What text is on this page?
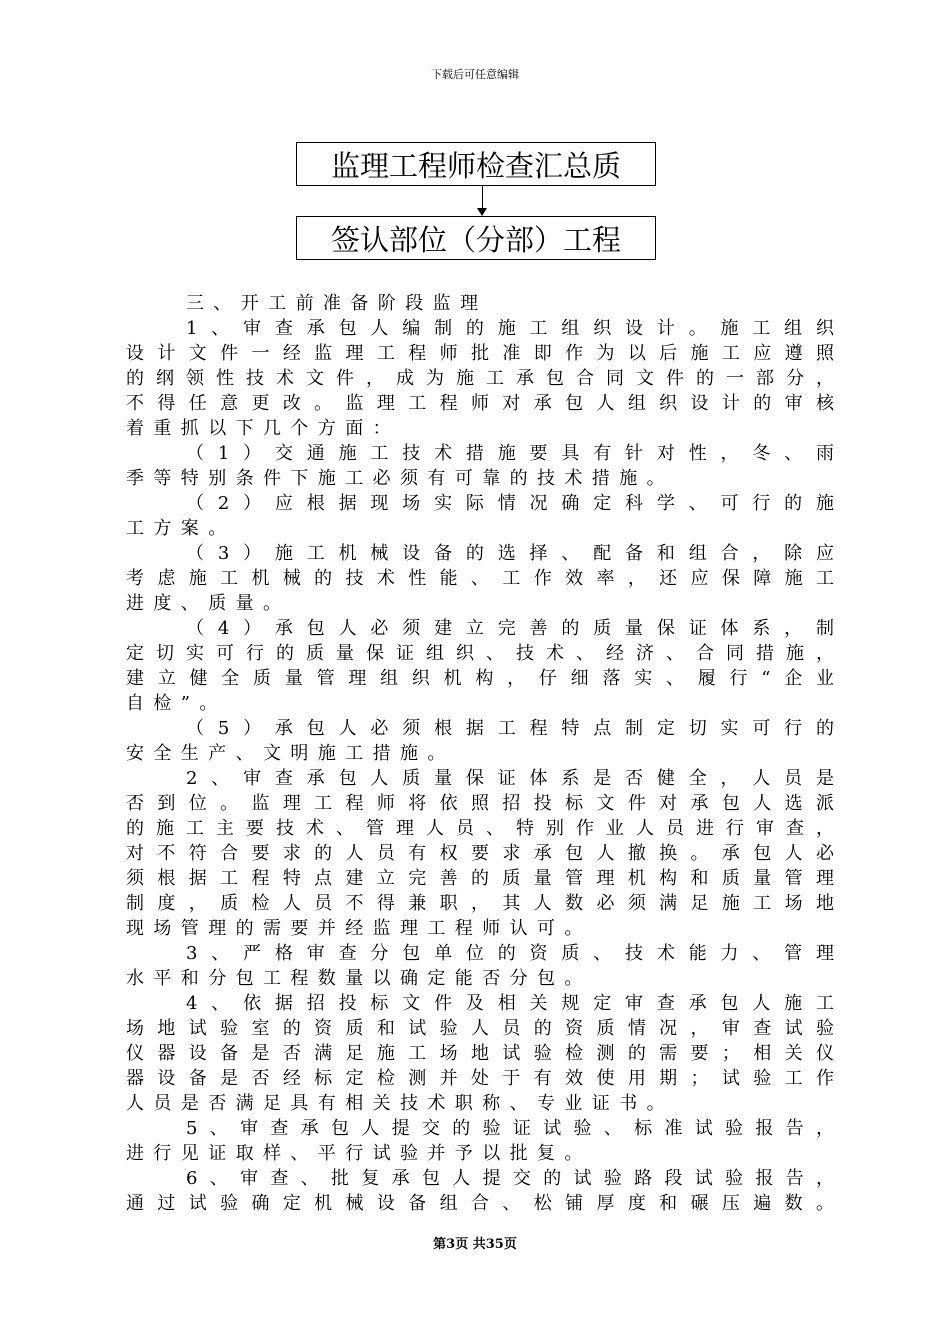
下载后可任意编辑
监理工程师检查汇总质
签认部位（分部）工程
三、开工前准备阶段监理
1、审查承包人编制的施工组织设计。施工组织
设计文件一经监理工程师批准即作为以后施工应遵照
的纲领性技术文件，成为施工承包合同文件的一部分，
不得任意更改。监理工程师对承包人组织设计的审核
着重抓以下几个方面：
（1）交通施工技术措施要具有针对性，冬、雨
季等特别条件下施工必须有可靠的技术措施。
（2）应根据现场实际情况确定科学、可行的施
工方案。
（3）施工机械设备的选择、配备和组合，除应
考虑施工机械的技术性能、工作效率，还应保障施工
进度、质量。
（4）承包人必须建立完善的质量保证体系，制
定切实可行的质量保证组织、技术、经济、合同措施，
建立健全质量管理组织机构，仔细落实、履行“企业
自检”。
（5）承包人必须根据工程特点制定切实可行的
安全生产、文明施工措施。
2、审查承包人质量保证体系是否健全，人员是
否到位。监理工程师将依照招投标文件对承包人选派
的施工主要技术、管理人员、特别作业人员进行审查，
对不符合要求的人员有权要求承包人撤换。承包人必
须根据工程特点建立完善的质量管理机构和质量管理
制度，质检人员不得兼职，其人数必须满足施工场地
现场管理的需要并经监理工程师认可。
3、严格审查分包单位的资质、技术能力、管理
水平和分包工程数量以确定能否分包。
4、依据招投标文件及相关规定审查承包人施工
场地试验室的资质和试验人员的资质情况，审查试验
仪器设备是否满足施工场地试验检测的需要；相关仪
器设备是否经标定检测并处于有效使用期；试验工作
人员是否满足具有相关技术职称、专业证书。
5、审查承包人提交的验证试验、标准试验报告，
进行见证取样、平行试验并予以批复。
6、审查、批复承包人提交的试验路段试验报告，
通过试验确定机械设备组合、松铺厚度和碾压遍数。
第3页 共35页
